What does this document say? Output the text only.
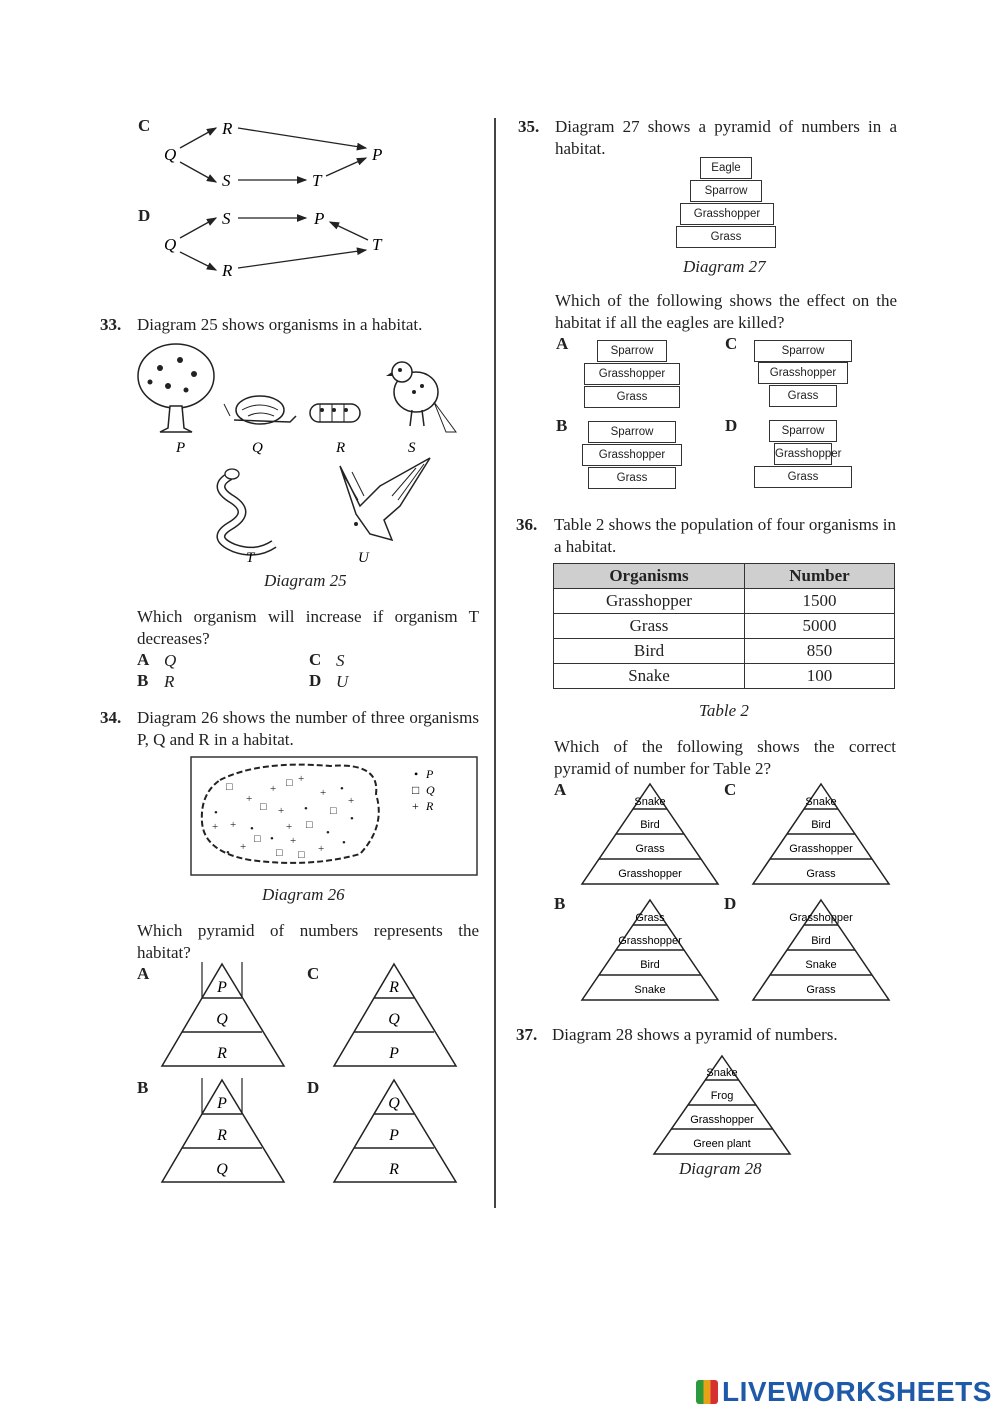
C
Q
R
S	T
P
Q
S
R
P
T
D
33. Diagram 25 shows organisms in a habitat.
P	Q	R	S
T	U
Diagram 25
Which organism will increase if organism T decreases?
A Q
B R
C S
D U
34. Diagram 26 shows the number of three organisms P, Q and R in a habitat.
□
+
+ □ +
+ •
+
•	□ + • □
•
+ •	+ □
•
+
+
□ • +
□ + •
•	□
• P
□ Q
+ R
Diagram 26
Which pyramid of numbers represents the habitat?
A
P
Q
R
C
R
Q
P
B
P
R
Q
D
Q
P
R
35. Diagram 27 shows a pyramid of numbers in a habitat.
Eagle
Sparrow
Grasshopper
Grass
Diagram 27
Which of the following shows the effect on the habitat if all the eagles are killed?
A	Sparrow
Grasshopper
Grass
C	Sparrow
Grasshopper
Grass
B	Sparrow
Grasshopper
Grass
D	Sparrow
Grasshopper
Grass
36. Table 2 shows the population of four organisms in a habitat.
Organisms	Number
Grasshopper	1500
Grass	5000
Bird	850
Snake	100
Table 2
Which of the following shows the correct pyramid of number for Table 2?
A
Snake
Bird
Grass
Grasshopper
C
Snake
Bird
Grasshopper
Grass
B
Grass
Grasshopper
Bird
Snake
D
Grasshopper
Bird
Snake
Grass
37. Diagram 28 shows a pyramid of numbers.
Snake
Frog
Grasshopper
Green plant
Diagram 28
LIVEWORKSHEETS
